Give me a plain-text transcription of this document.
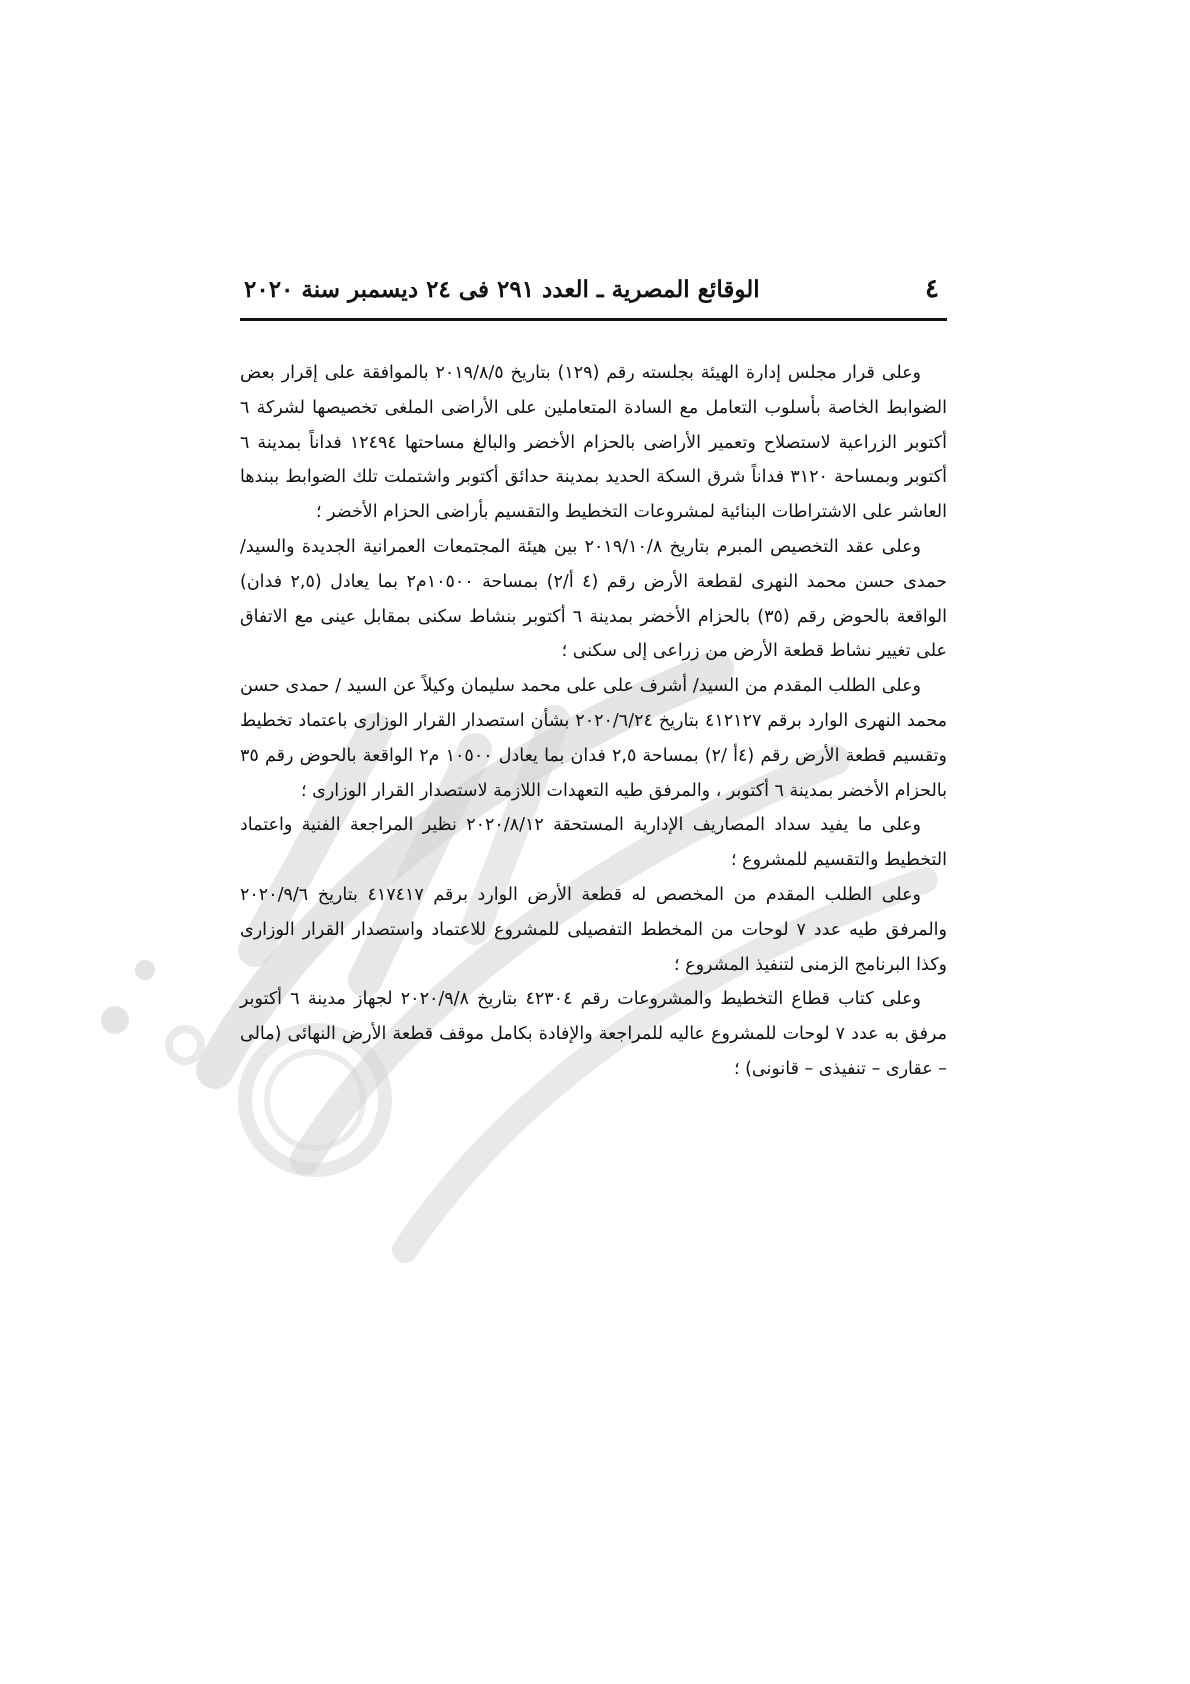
٤
الوقائع المصرية ـ العدد ٢٩١ فى ٢٤ ديسمبر سنة ٢٠٢٠

وعلى قرار مجلس إدارة الهيئة بجلسته رقم (١٢٩) بتاريخ ٢٠١٩/٨/٥ بالموافقة على إقرار بعض الضوابط الخاصة بأسلوب التعامل مع السادة المتعاملين على الأراضى الملغى تخصيصها لشركة ٦ أكتوبر الزراعية لاستصلاح وتعمير الأراضى بالحزام الأخضر والبالغ مساحتها ١٢٤٩٤ فداناً بمدينة ٦ أكتوبر وبمساحة ٣١٢٠ فداناً شرق السكة الحديد بمدينة حدائق أكتوبر واشتملت تلك الضوابط ببندها العاشر على الاشتراطات البنائية لمشروعات التخطيط والتقسيم بأراضى الحزام الأخضر ؛

وعلى عقد التخصيص المبرم بتاريخ ٢٠١٩/١٠/٨ بين هيئة المجتمعات العمرانية الجديدة والسيد/ حمدى حسن محمد النهرى لقطعة الأرض رقم (٤ أ/٢) بمساحة ١٠٥٠٠م٢ بما يعادل (٢,٥ فدان) الواقعة بالحوض رقم (٣٥) بالحزام الأخضر بمدينة ٦ أكتوبر بنشاط سكنى بمقابل عينى مع الاتفاق على تغيير نشاط قطعة الأرض من زراعى إلى سكنى ؛

وعلى الطلب المقدم من السيد/ أشرف على على محمد سليمان وكيلاً عن السيد / حمدى حسن محمد النهرى الوارد برقم ٤١٢١٢٧ بتاريخ ٢٠٢٠/٦/٢٤ بشأن استصدار القرار الوزارى باعتماد تخطيط وتقسيم قطعة الأرض رقم (٤أ /٢) بمساحة ٢,٥ فدان بما يعادل ١٠٥٠٠ م٢ الواقعة بالحوض رقم ٣٥ بالحزام الأخضر بمدينة ٦ أكتوبر ، والمرفق طيه التعهدات اللازمة لاستصدار القرار الوزارى ؛

وعلى ما يفيد سداد المصاريف الإدارية المستحقة ٢٠٢٠/٨/١٢ نظير المراجعة الفنية واعتماد التخطيط والتقسيم للمشروع ؛

وعلى الطلب المقدم من المخصص له قطعة الأرض الوارد برقم ٤١٧٤١٧ بتاريخ ٢٠٢٠/٩/٦ والمرفق طيه عدد ٧ لوحات من المخطط التفصيلى للمشروع للاعتماد واستصدار القرار الوزارى وكذا البرنامج الزمنى لتنفيذ المشروع ؛

وعلى كتاب قطاع التخطيط والمشروعات رقم ٤٢٣٠٤ بتاريخ ٢٠٢٠/٩/٨ لجهاز مدينة ٦ أكتوبر مرفق به عدد ٧ لوحات للمشروع عاليه للمراجعة والإفادة بكامل موقف قطعة الأرض النهائى (مالى – عقارى – تنفيذى – قانونى) ؛
